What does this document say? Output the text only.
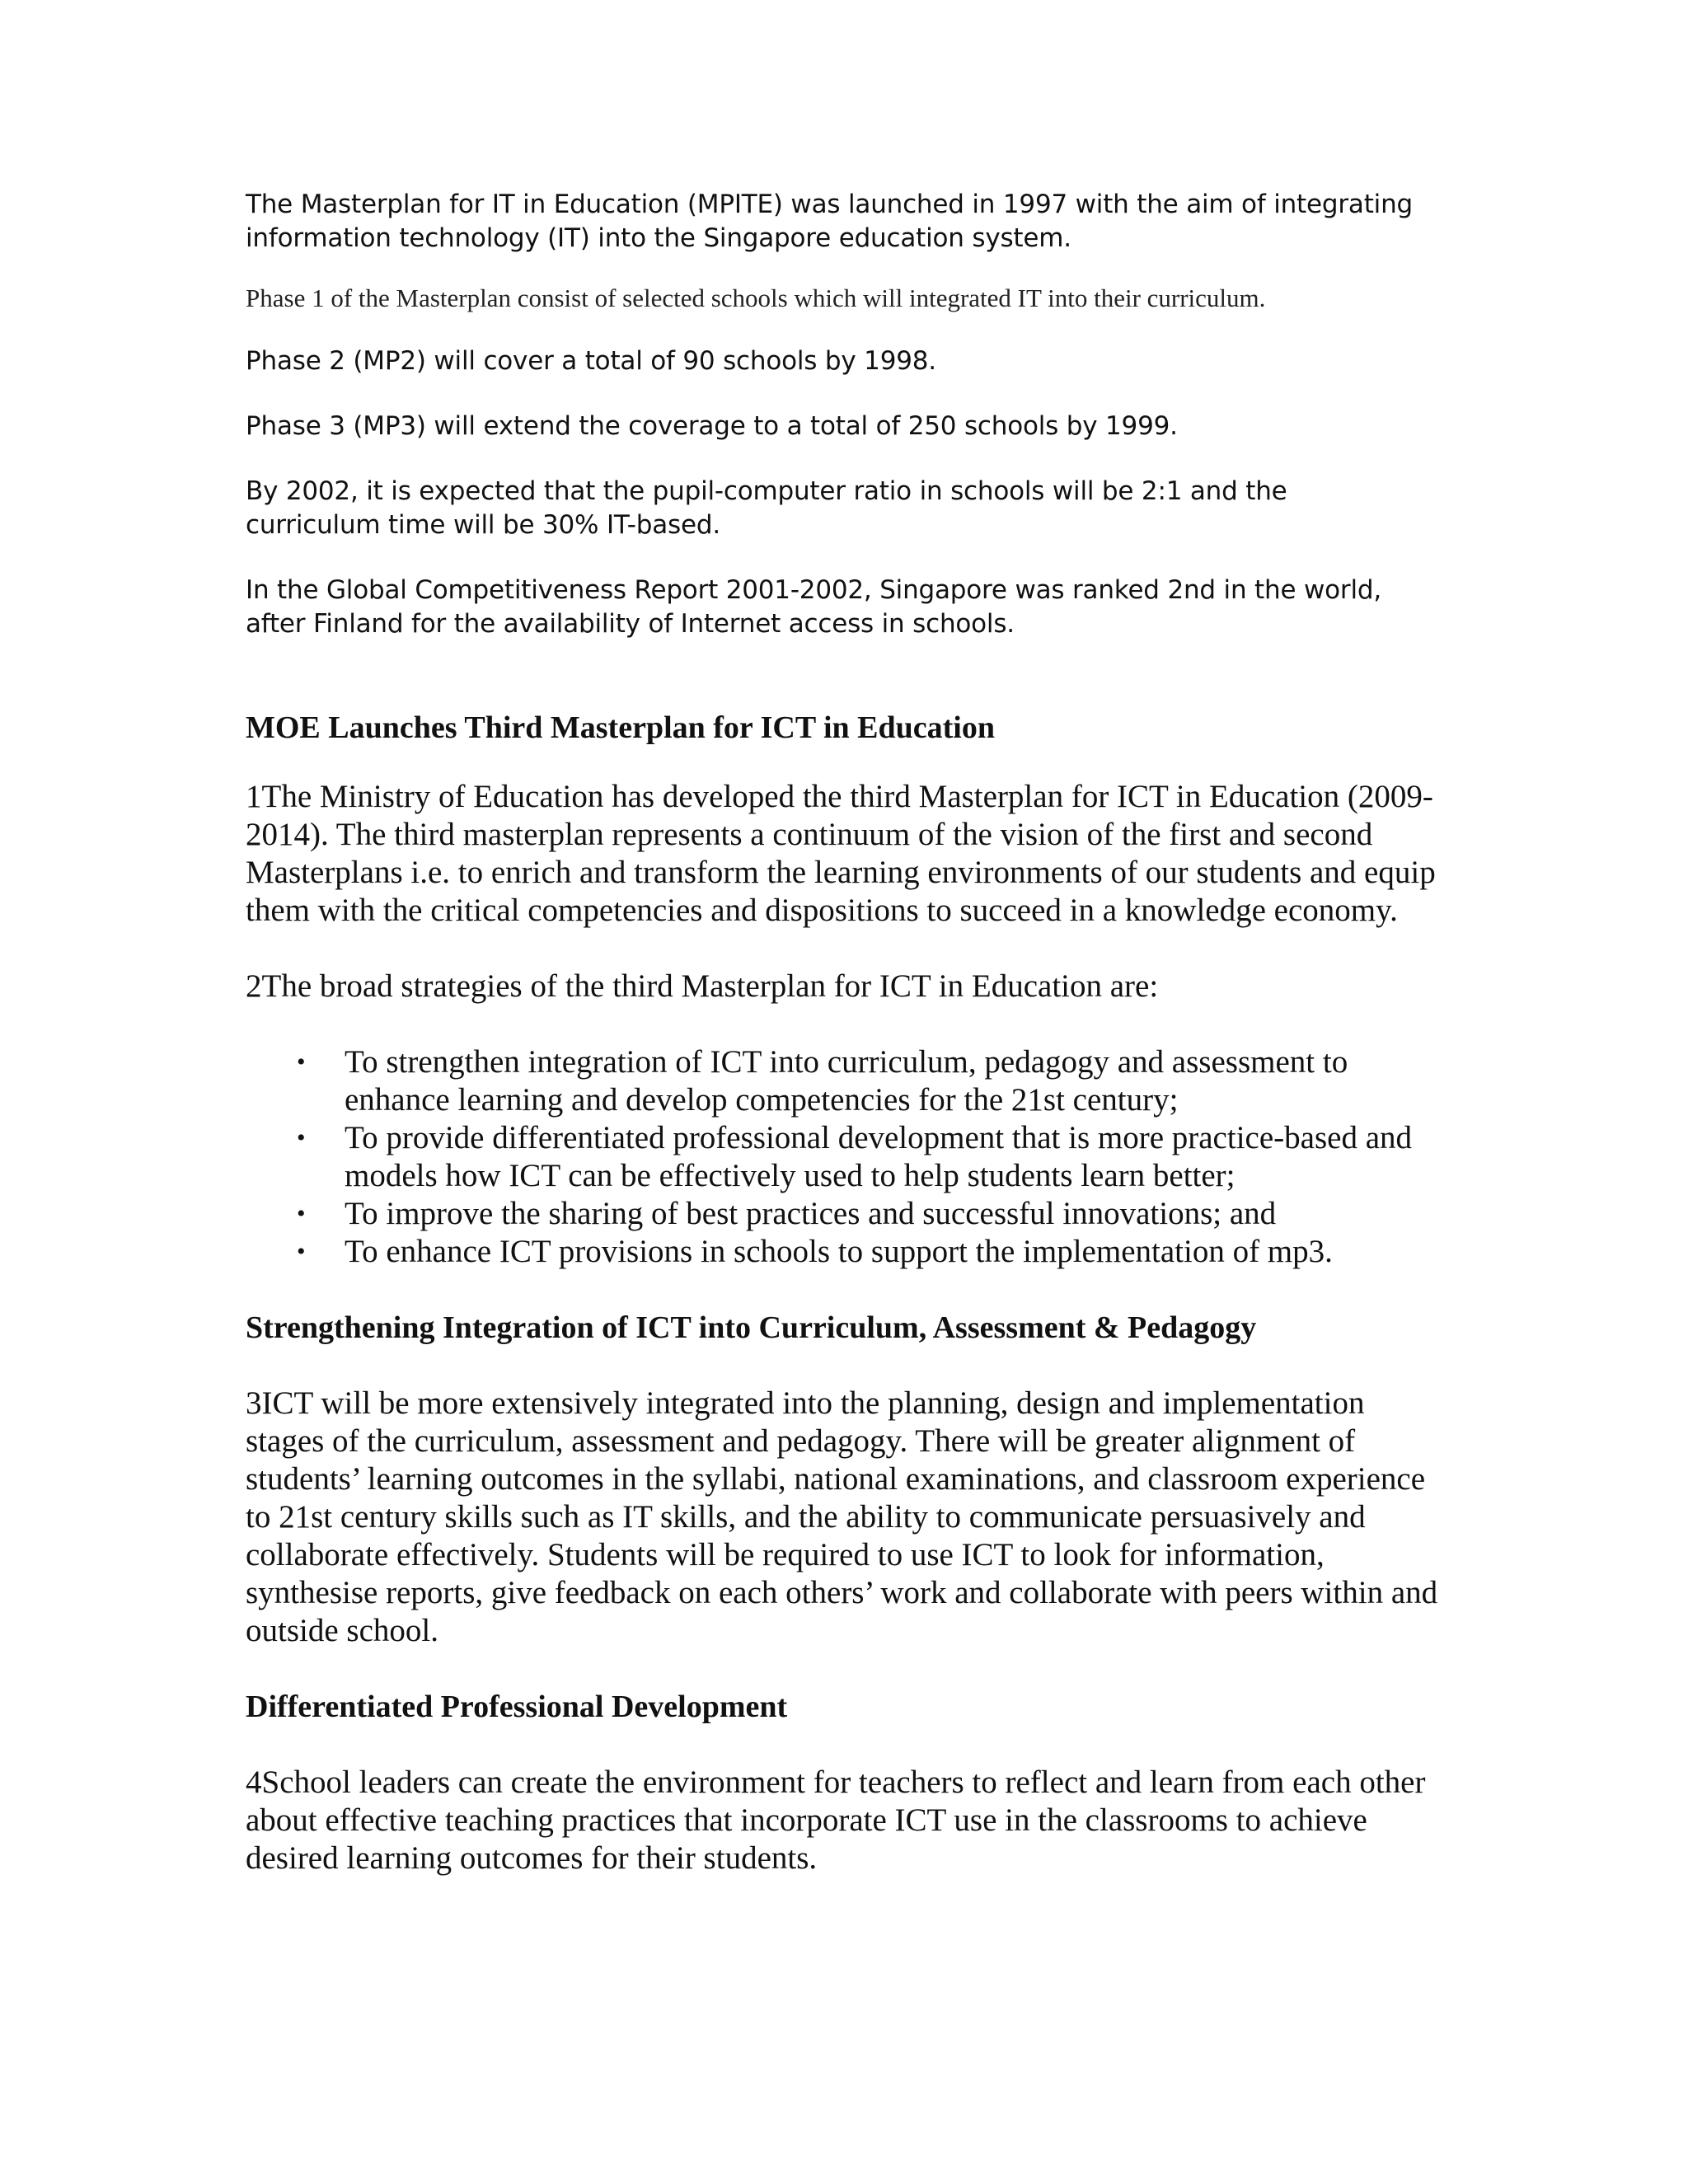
The Masterplan for IT in Education (MPITE) was launched in 1997 with the aim of integrating information technology (IT) into the Singapore education system.

Phase 1 of the Masterplan consist of selected schools which will integrated IT into their curriculum.

Phase 2 (MP2) will cover a total of 90 schools by 1998.

Phase 3 (MP3) will extend the coverage to a total of 250 schools by 1999.

By 2002, it is expected that the pupil-computer ratio in schools will be 2:1 and the curriculum time will be 30% IT-based.

In the Global Competitiveness Report 2001-2002, Singapore was ranked 2nd in the world, after Finland for the availability of Internet access in schools.

MOE Launches Third Masterplan for ICT in Education

1The Ministry of Education has developed the third Masterplan for ICT in Education (2009-2014). The third masterplan represents a continuum of the vision of the first and second Masterplans i.e. to enrich and transform the learning environments of our students and equip them with the critical competencies and dispositions to succeed in a knowledge economy.

2The broad strategies of the third Masterplan for ICT in Education are:

• To strengthen integration of ICT into curriculum, pedagogy and assessment to enhance learning and develop competencies for the 21st century;
• To provide differentiated professional development that is more practice-based and models how ICT can be effectively used to help students learn better;
• To improve the sharing of best practices and successful innovations; and
• To enhance ICT provisions in schools to support the implementation of mp3.
Strengthening Integration of ICT into Curriculum, Assessment & Pedagogy

3ICT will be more extensively integrated into the planning, design and implementation stages of the curriculum, assessment and pedagogy. There will be greater alignment of students’ learning outcomes in the syllabi, national examinations, and classroom experience to 21st century skills such as IT skills, and the ability to communicate persuasively and collaborate effectively. Students will be required to use ICT to look for information, synthesise reports, give feedback on each others’ work and collaborate with peers within and outside school.

Differentiated Professional Development

4School leaders can create the environment for teachers to reflect and learn from each other about effective teaching practices that incorporate ICT use in the classrooms to achieve desired learning outcomes for their students.
